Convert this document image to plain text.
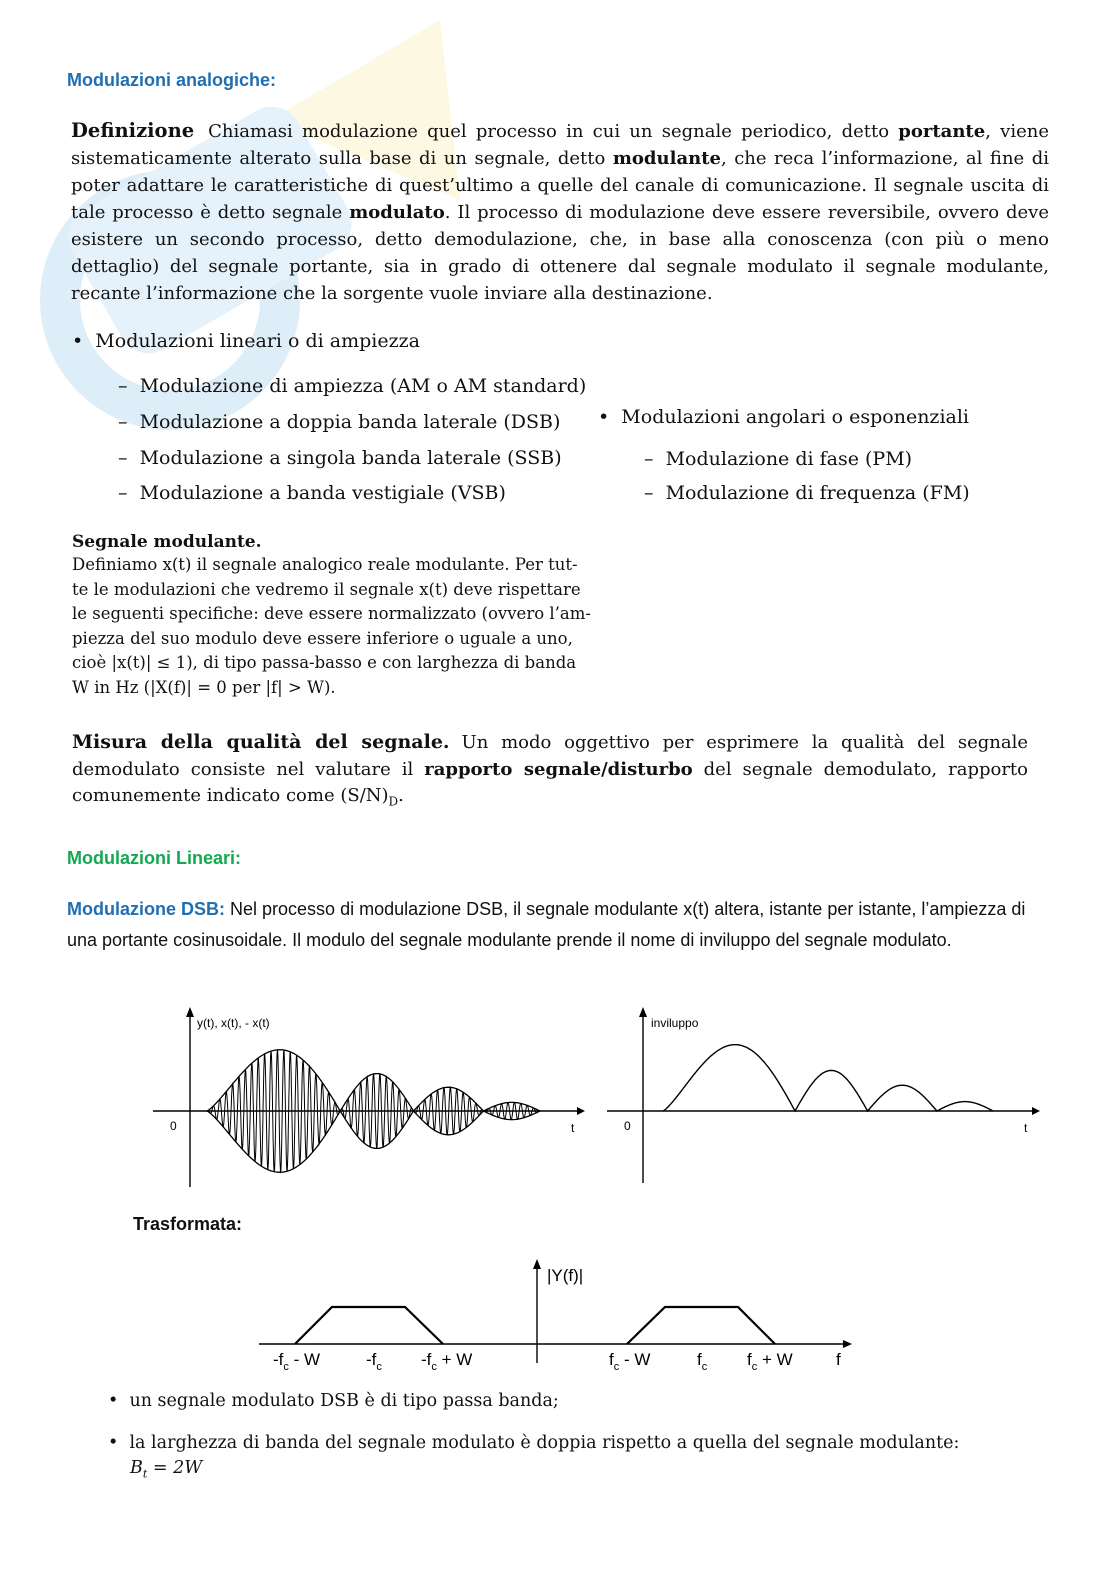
Modulazioni analogiche:
Definizione Chiamasi modulazione quel processo in cui un segnale periodico, detto portante, viene sistematicamente alterato sulla base di un segnale, detto modulante, che reca l’informazione, al fine di poter adattare le caratteristiche di quest’ultimo a quelle del canale di comunicazione. Il segnale uscita di tale processo è detto segnale modulato. Il processo di modulazione deve essere reversibile, ovvero deve esistere un secondo processo, detto demodulazione, che, in base alla conoscenza (con più o meno dettaglio) del segnale portante, sia in grado di ottenere dal segnale modulato il segnale modulante, recante l’informazione che la sorgente vuole inviare alla destinazione.
•  Modulazioni lineari o di ampiezza
–  Modulazione di ampiezza (AM o AM standard)
–  Modulazione a doppia banda laterale (DSB)
–  Modulazione a singola banda laterale (SSB)
–  Modulazione a banda vestigiale (VSB)
•  Modulazioni angolari o esponenziali
–  Modulazione di fase (PM)
–  Modulazione di frequenza (FM)
Segnale modulante.
Definiamo x(t) il segnale analogico reale modulante. Per tut-
te le modulazioni che vedremo il segnale x(t) deve rispettare
le seguenti specifiche: deve essere normalizzato (ovvero l’am-
piezza del suo modulo deve essere inferiore o uguale a uno,
cioè |x(t)| ≤ 1), di tipo passa-basso e con larghezza di banda
W in Hz (|X(f)| = 0 per |f| > W).
Misura della qualità del segnale. Un modo oggettivo per esprimere la qualità del segnale demodulato consiste nel valutare il rapporto segnale/disturbo del segnale demodulato, rapporto comunemente indicato come $(S/N)_D$.
Modulazioni Lineari:
Modulazione DSB: Nel processo di modulazione DSB, il segnale modulante x(t) altera, istante per istante, l’ampiezza di una portante cosinusoidale. Il modulo del segnale modulante prende il nome di inviluppo del segnale modulato.
y(t), x(t), - x(t)
0	t
inviluppo
0	t
Trasformata:
|Y(f)|
$-f_c$ - W	$-f_c$ $-f_c + W$	$f_c$ - W	$f_c$ $f_c + W$	f
•  un segnale modulato DSB è di tipo passa banda;
•  la larghezza di banda del segnale modulato è doppia rispetto a quella del segnale modulante:
$B_t = 2W$
